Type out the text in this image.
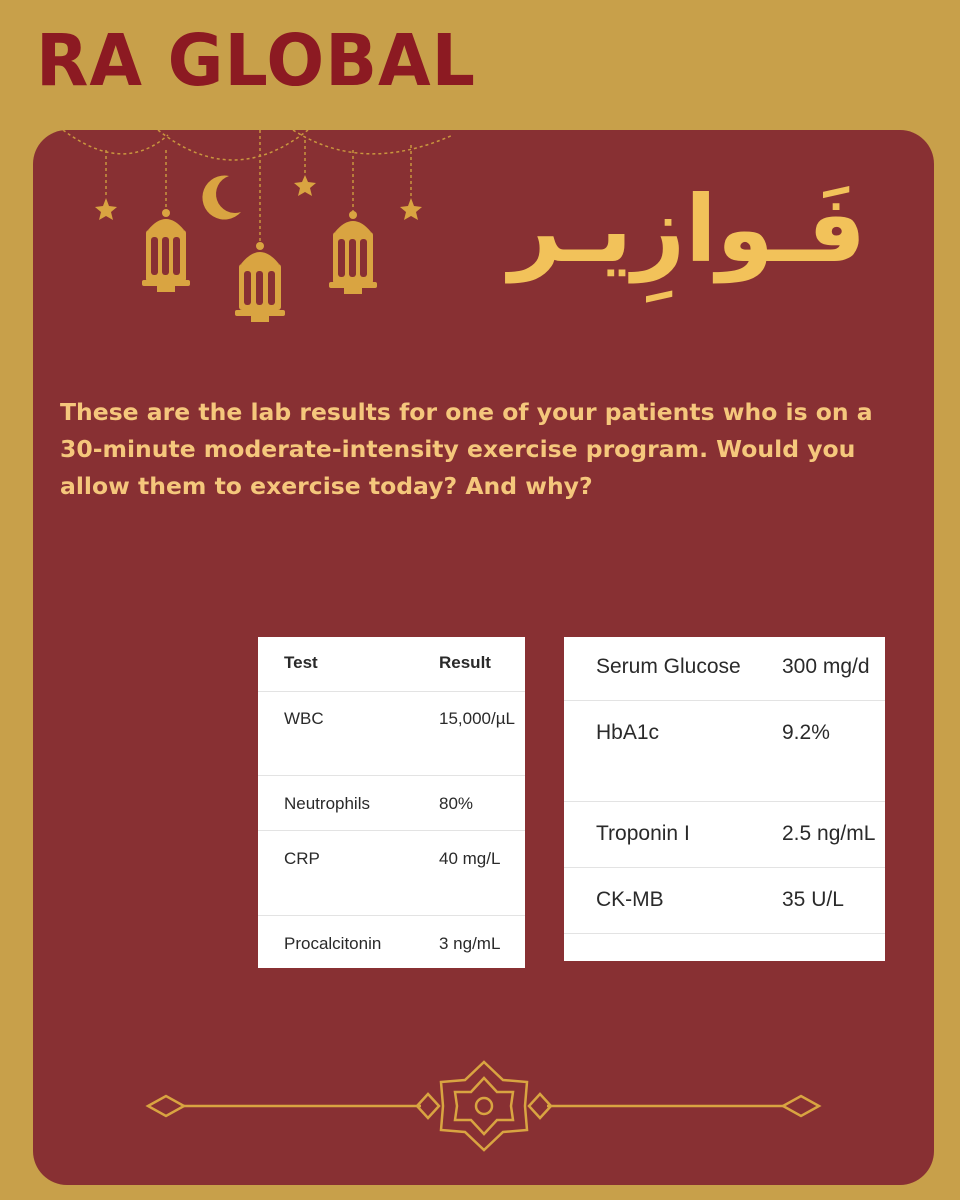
RA GLOBAL
فَـوازِيـر
These are the lab results for one of your patients who is on a 30-minute moderate-intensity exercise program. Would you allow them to exercise today? And why?
Test	Result
WBC	15,000/µL
Neutrophils	80%
CRP	40 mg/L
Procalcitonin	3 ng/mL
Serum Glucose 300 mg/d
HbA1c	9.2%
Troponin I	2.5 ng/mL
CK-MB	35 U/L
